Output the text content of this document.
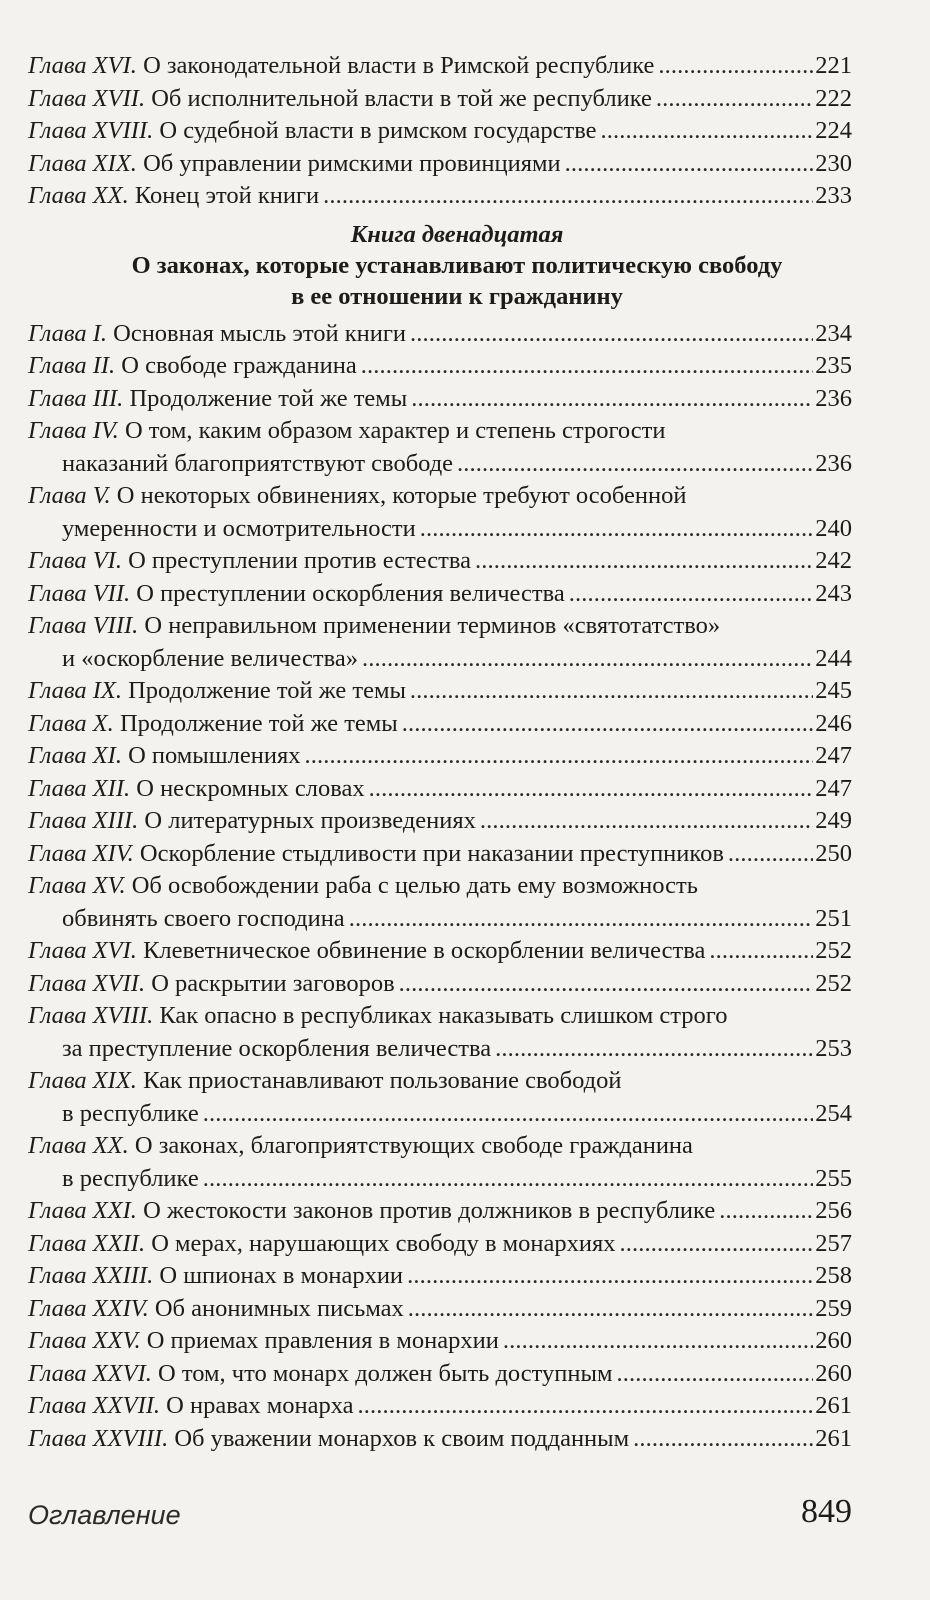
Глава XVI. О законодательной власти в Римской республике . . .	221
Глава XVII. Об исполнительной власти в той же республике . . .	222
Глава XVIII. О судебной власти в римском государстве . . .	224
Глава XIX. Об управлении римскими провинциями . . .	230
Глава XX. Конец этой книги . . .	233
Книга двенадцатая
О законах, которые устанавливают политическую свободу
в ее отношении к гражданину
Глава I. Основная мысль этой книги . . .	234
Глава II. О свободе гражданина . . .	235
Глава III. Продолжение той же темы . . .	236
Глава IV. О том, каким образом характер и степень строгости
наказаний благоприятствуют свободе . . .	236
Глава V. О некоторых обвинениях, которые требуют особенной
умеренности и осмотрительности . . .	240
Глава VI. О преступлении против естества . . .	242
Глава VII. О преступлении оскорбления величества . . .	243
Глава VIII. О неправильном применении терминов «святотатство»
и «оскорбление величества» . . .	244
Глава IX. Продолжение той же темы . . .	245
Глава X. Продолжение той же темы . . .	246
Глава XI. О помышлениях . . .	247
Глава XII. О нескромных словах . . .	247
Глава XIII. О литературных произведениях . . .	249
Глава XIV. Оскорбление стыдливости при наказании преступников . . .	250
Глава XV. Об освобождении раба с целью дать ему возможность
обвинять своего господина . . .	251
Глава XVI. Клеветническое обвинение в оскорблении величества . . .	252
Глава XVII. О раскрытии заговоров . . .	252
Глава XVIII. Как опасно в республиках наказывать слишком строго
за преступление оскорбления величества . . .	253
Глава XIX. Как приостанавливают пользование свободой
в республике . . .	254
Глава XX. О законах, благоприятствующих свободе гражданина
в республике . . .	255
Глава XXI. О жестокости законов против должников в республике . . .	256
Глава XXII. О мерах, нарушающих свободу в монархиях . . .	257
Глава XXIII. О шпионах в монархии . . .	258
Глава XXIV. Об анонимных письмах . . .	259
Глава XXV. О приемах правления в монархии . . .	260
Глава XXVI. О том, что монарх должен быть доступным . . .	260
Глава XXVII. О нравах монарха . . .	261
Глава XXVIII. Об уважении монархов к своим подданным . . .	261
Оглавление	849
